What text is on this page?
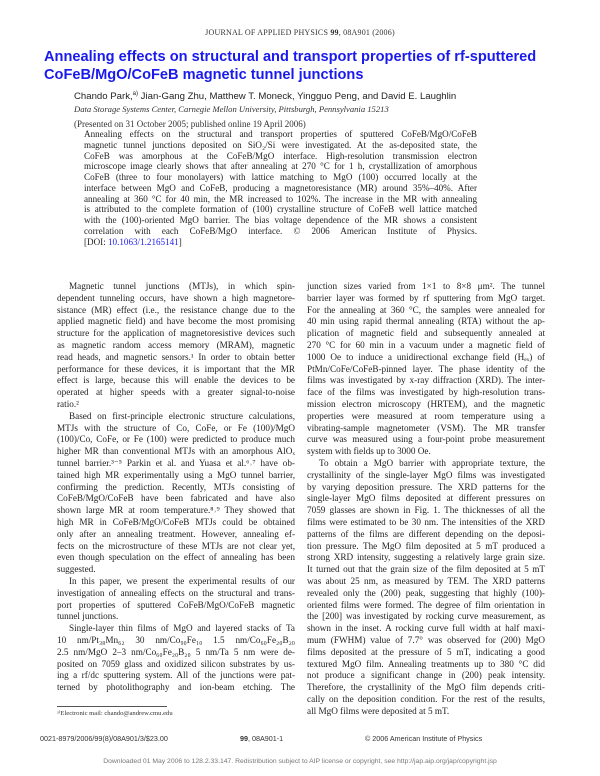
JOURNAL OF APPLIED PHYSICS 99, 08A901 (2006)
Annealing effects on structural and transport properties of rf-sputtered
CoFeB/MgO/CoFeB magnetic tunnel junctions
Chando Park,$^{a)}$ Jian-Gang Zhu, Matthew T. Moneck, Yingguo Peng, and David E. Laughlin
Data Storage Systems Center, Carnegie Mellon University, Pittsburgh, Pennsylvania 15213
(Presented on 31 October 2005; published online 19 April 2006)
Annealing effects on the structural and transport properties of sputtered CoFeB/MgO/CoFeB
magnetic tunnel junctions deposited on SiO₂/Si were investigated. At the as-deposited state, the
CoFeB was amorphous at the CoFeB/MgO interface. High-resolution transmission electron
microscope image clearly shows that after annealing at 270 °C for 1 h, crystallization of amorphous
CoFeB (three to four monolayers) with lattice matching to MgO (100) occurred locally at the
interface between MgO and CoFeB, producing a magnetoresistance (MR) around 35%–40%. After
annealing at 360 °C for 40 min, the MR increased to 102%. The increase in the MR with annealing
is attributed to the complete formation of (100) crystalline structure of CoFeB well lattice matched
with the (100)-oriented MgO barrier. The bias voltage dependence of the MR shows a consistent
correlation with each CoFeB/MgO interface. © 2006 American Institute of Physics.
[DOI: 10.1063/1.2165141]
Magnetic tunnel junctions (MTJs), in which spin-
dependent tunneling occurs, have shown a high magnetore-
sistance (MR) effect (i.e., the resistance change due to the
applied magnetic field) and have become the most promising
structure for the application of magnetoresistive devices such
as magnetic random access memory (MRAM), magnetic
read heads, and magnetic sensors.¹ In order to obtain better
performance for these devices, it is important that the MR
effect is large, because this will enable the devices to be
operated at higher speeds with a greater signal-to-noise
ratio.²
Based on first-principle electronic structure calculations,
MTJs with the structure of Co, CoFe, or Fe (100)/MgO
(100)/Co, CoFe, or Fe (100) were predicted to produce much
higher MR than conventional MTJs with an amorphous AlOₓ
tunnel barrier.³⁻⁵ Parkin et al. and Yuasa et al.⁶˒⁷ have ob-
tained high MR experimentally using a MgO tunnel barrier,
confirming the prediction. Recently, MTJs consisting of
CoFeB/MgO/CoFeB have been fabricated and have also
shown large MR at room temperature.⁸˒⁹ They showed that
high MR in CoFeB/MgO/CoFeB MTJs could be obtained
only after an annealing treatment. However, annealing ef-
fects on the microstructure of these MTJs are not clear yet,
even though speculation on the effect of annealing has been
suggested.
In this paper, we present the experimental results of our
investigation of annealing effects on the structural and trans-
port properties of sputtered CoFeB/MgO/CoFeB magnetic
tunnel junctions.
Single-layer thin films of MgO and layered stacks of Ta
10 nm/Pt₃₈Mn₆₂ 30 nm/Co₉₀Fe₁₀ 1.5 nm/Co₆₀Fe₂₀B₂₀
2.5 nm/MgO 2–3 nm/Co₆₀Fe₂₀B₂₀ 5 nm/Ta 5 nm were de-
posited on 7059 glass and oxidized silicon substrates by us-
ing a rf/dc sputtering system. All of the junctions were pat-
terned by photolithography and ion-beam etching. The
junction sizes varied from 1×1 to 8×8 μm². The tunnel
barrier layer was formed by rf sputtering from MgO target.
For the annealing at 360 °C, the samples were annealed for
40 min using rapid thermal annealing (RTA) without the ap-
plication of magnetic field and subsequently annealed at
270 °C for 60 min in a vacuum under a magnetic field of
1000 Oe to induce a unidirectional exchange field (Hₑₓ) of
PtMn/CoFe/CoFeB-pinned layer. The phase identity of the
films was investigated by x-ray diffraction (XRD). The inter-
face of the films was investigated by high-resolution trans-
mission electron microscopy (HRTEM), and the magnetic
properties were measured at room temperature using a
vibrating-sample magnetometer (VSM). The MR transfer
curve was measured using a four-point probe measurement
system with fields up to 3000 Oe.
To obtain a MgO barrier with appropriate texture, the
crystallinity of the single-layer MgO films was investigated
by varying deposition pressure. The XRD patterns for the
single-layer MgO films deposited at different pressures on
7059 glasses are shown in Fig. 1. The thicknesses of all the
films were estimated to be 30 nm. The intensities of the XRD
patterns of the films are different depending on the deposi-
tion pressure. The MgO film deposited at 5 mT produced a
strong XRD intensity, suggesting a relatively large grain size.
It turned out that the grain size of the film deposited at 5 mT
was about 25 nm, as measured by TEM. The XRD patterns
revealed only the (200) peak, suggesting that highly (100)-
oriented films were formed. The degree of film orientation in
the [200] was investigated by rocking curve measurement, as
shown in the inset. A rocking curve full width at half maxi-
mum (FWHM) value of 7.7° was observed for (200) MgO
films deposited at the pressure of 5 mT, indicating a good
textured MgO film. Annealing treatments up to 380 °C did
not produce a significant change in (200) peak intensity.
Therefore, the crystallinity of the MgO film depends criti-
cally on the deposition condition. For the rest of the results,
all MgO films were deposited at 5 mT.
ᵃ⁾Electronic mail: chando@andrew.cmu.edu
0021-8979/2006/99(8)/08A901/3/$23.00	99, 08A901-1	© 2006 American Institute of Physics
Downloaded 01 May 2006 to 128.2.33.147. Redistribution subject to AIP license or copyright, see http://jap.aip.org/jap/copyright.jsp
